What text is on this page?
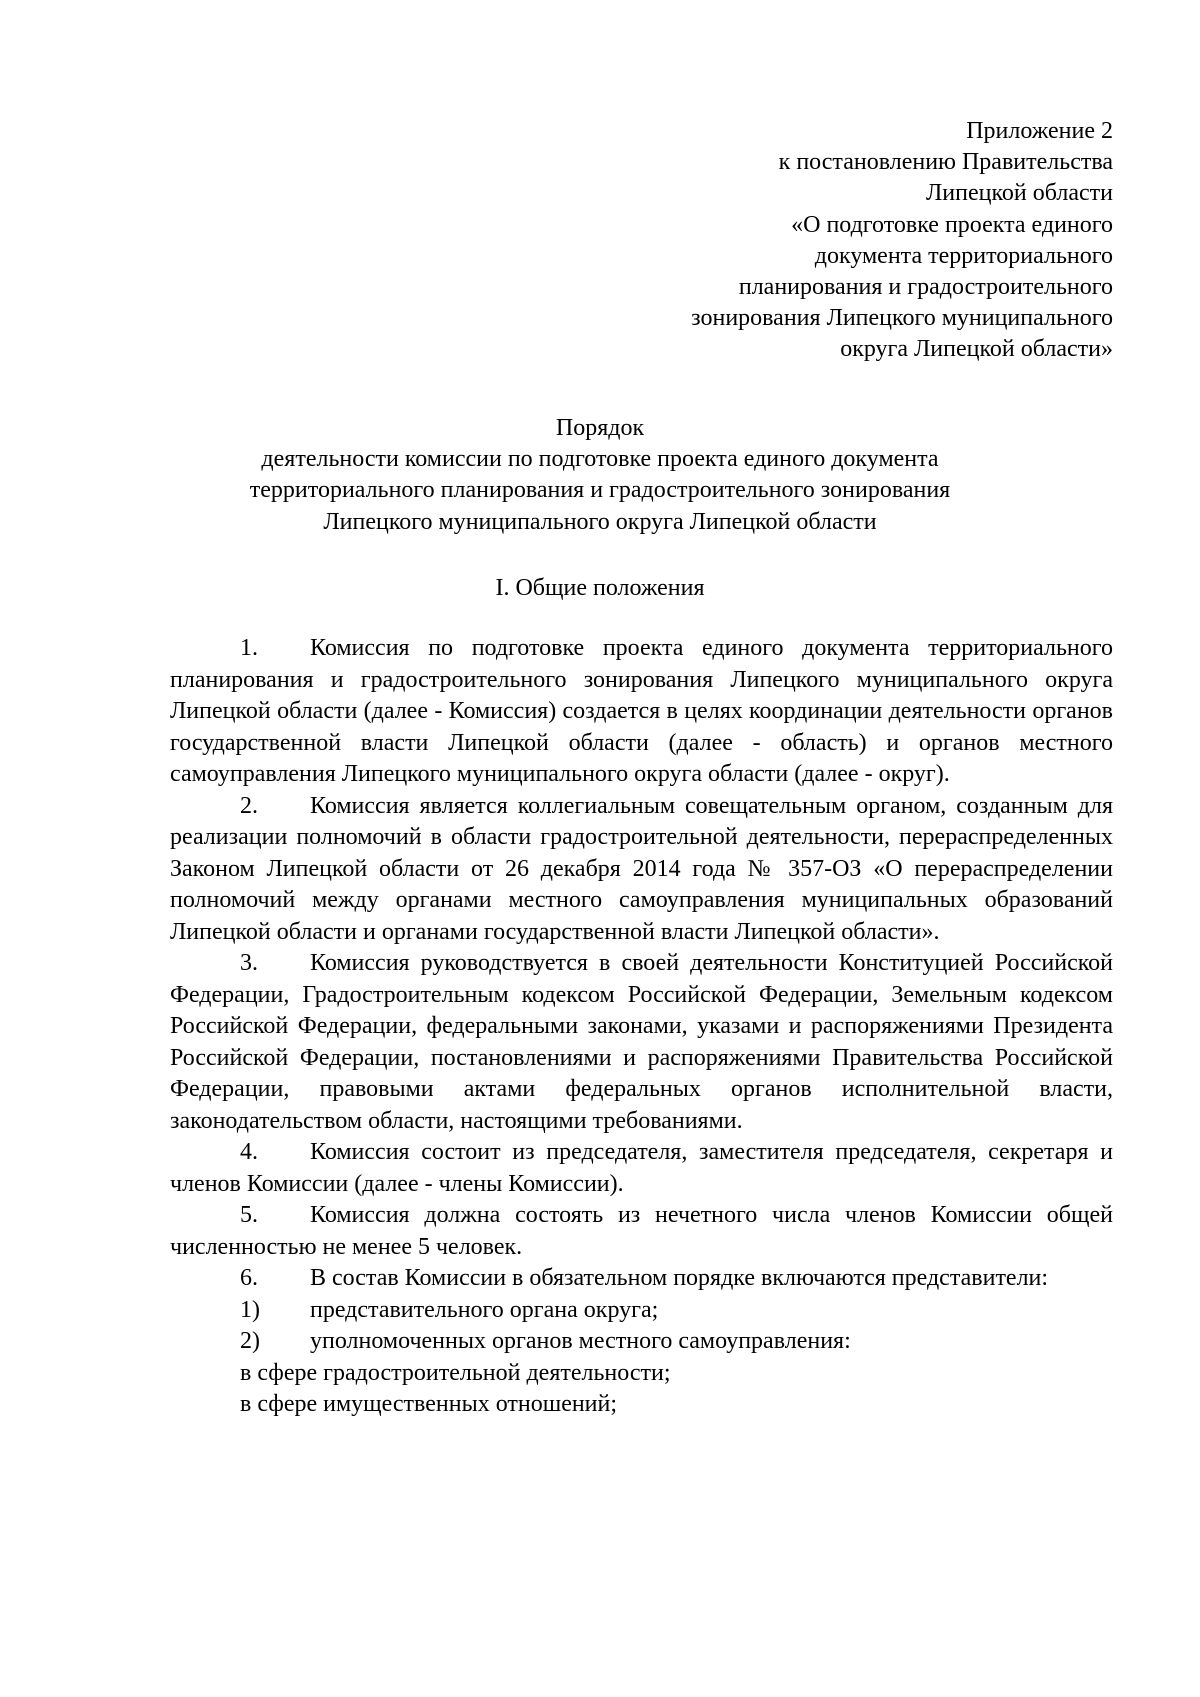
Приложение 2
к постановлению Правительства
Липецкой области
«О подготовке проекта единого
документа территориального
планирования и градостроительного
зонирования Липецкого муниципального
округа Липецкой области»
Порядок
деятельности комиссии по подготовке проекта единого документа
территориального планирования и градостроительного зонирования
Липецкого муниципального округа Липецкой области
I. Общие положения

1. Комиссия по подготовке проекта единого документа территориального планирования и градостроительного зонирования Липецкого муниципального округа Липецкой области (далее - Комиссия) создается в целях координации деятельности органов государственной власти Липецкой области (далее - область) и органов местного самоуправления Липецкого муниципального округа области (далее - округ).

2. Комиссия является коллегиальным совещательным органом, созданным для реализации полномочий в области градостроительной деятельности, перераспределенных Законом Липецкой области от 26 декабря 2014 года № 357-ОЗ «О перераспределении полномочий между органами местного самоуправления муниципальных образований Липецкой области и органами государственной власти Липецкой области».

3. Комиссия руководствуется в своей деятельности Конституцией Российской Федерации, Градостроительным кодексом Российской Федерации, Земельным кодексом Российской Федерации, федеральными законами, указами и распоряжениями Президента Российской Федерации, постановлениями и распоряжениями Правительства Российской Федерации, правовыми актами федеральных органов исполнительной власти, законодательством области, настоящими требованиями.

4. Комиссия состоит из председателя, заместителя председателя, секретаря и членов Комиссии (далее - члены Комиссии).

5. Комиссия должна состоять из нечетного числа членов Комиссии общей численностью не менее 5 человек.

6. В состав Комиссии в обязательном порядке включаются представители:

1) представительного органа округа;

2) уполномоченных органов местного самоуправления:

в сфере градостроительной деятельности;

в сфере имущественных отношений;
